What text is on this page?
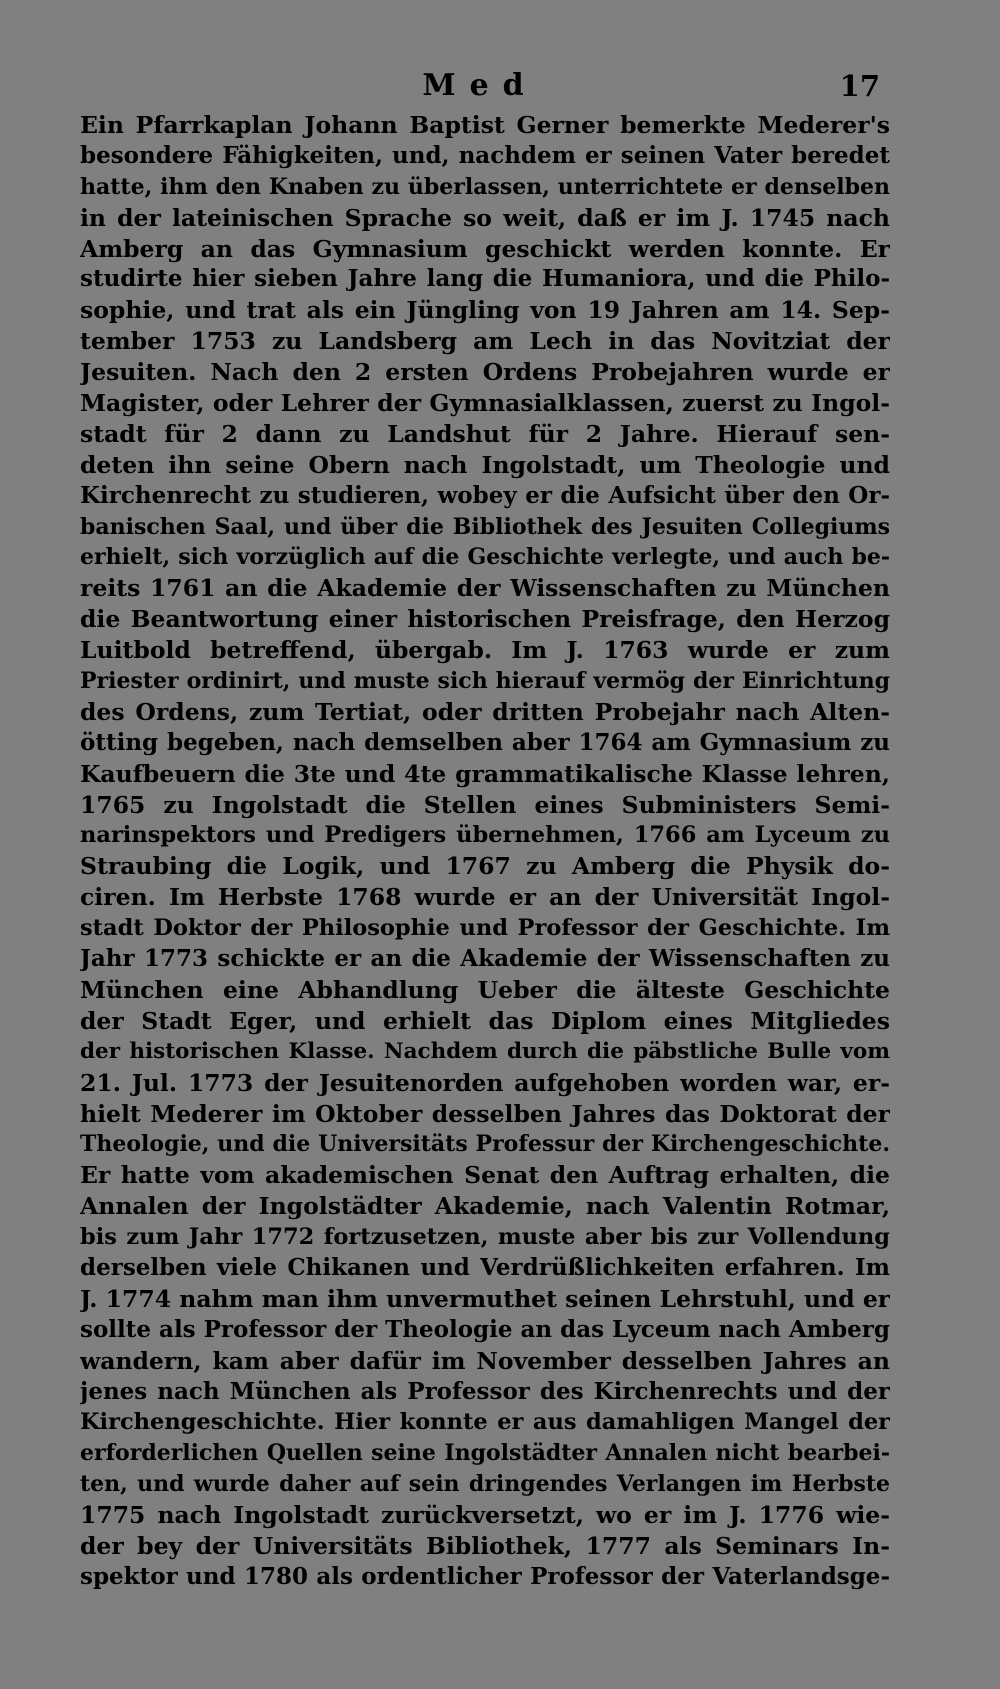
Med	17
Ein Pfarrkaplan Johann Baptist Gerner bemerkte Mederer's
besondere Fähigkeiten, und, nachdem er seinen Vater beredet
hatte, ihm den Knaben zu überlassen, unterrichtete er denselben
in der lateinischen Sprache so weit, daß er im J. 1745 nach
Amberg an das Gymnasium geschickt werden konnte. Er
studirte hier sieben Jahre lang die Humaniora, und die Philo-
sophie, und trat als ein Jüngling von 19 Jahren am 14. Sep-
tember 1753 zu Landsberg am Lech in das Novitziat der
Jesuiten. Nach den 2 ersten Ordens Probejahren wurde er
Magister, oder Lehrer der Gymnasialklassen, zuerst zu Ingol-
stadt für 2 dann zu Landshut für 2 Jahre. Hierauf sen-
deten ihn seine Obern nach Ingolstadt, um Theologie und
Kirchenrecht zu studieren, wobey er die Aufsicht über den Or-
banischen Saal, und über die Bibliothek des Jesuiten Collegiums
erhielt, sich vorzüglich auf die Geschichte verlegte, und auch be-
reits 1761 an die Akademie der Wissenschaften zu München
die Beantwortung einer historischen Preisfrage, den Herzog
Luitbold betreffend, übergab. Im J. 1763 wurde er zum
Priester ordinirt, und muste sich hierauf vermög der Einrichtung
des Ordens, zum Tertiat, oder dritten Probejahr nach Alten-
ötting begeben, nach demselben aber 1764 am Gymnasium zu
Kaufbeuern die 3te und 4te grammatikalische Klasse lehren,
1765 zu Ingolstadt die Stellen eines Subministers Semi-
narinspektors und Predigers übernehmen, 1766 am Lyceum zu
Straubing die Logik, und 1767 zu Amberg die Physik do-
ciren. Im Herbste 1768 wurde er an der Universität Ingol-
stadt Doktor der Philosophie und Professor der Geschichte. Im
Jahr 1773 schickte er an die Akademie der Wissenschaften zu
München eine Abhandlung Ueber die älteste Geschichte
der Stadt Eger, und erhielt das Diplom eines Mitgliedes
der historischen Klasse. Nachdem durch die päbstliche Bulle vom
21. Jul. 1773 der Jesuitenorden aufgehoben worden war, er-
hielt Mederer im Oktober desselben Jahres das Doktorat der
Theologie, und die Universitäts Professur der Kirchengeschichte.
Er hatte vom akademischen Senat den Auftrag erhalten, die
Annalen der Ingolstädter Akademie, nach Valentin Rotmar,
bis zum Jahr 1772 fortzusetzen, muste aber bis zur Vollendung
derselben viele Chikanen und Verdrüßlichkeiten erfahren. Im
J. 1774 nahm man ihm unvermuthet seinen Lehrstuhl, und er
sollte als Professor der Theologie an das Lyceum nach Amberg
wandern, kam aber dafür im November desselben Jahres an
jenes nach München als Professor des Kirchenrechts und der
Kirchengeschichte. Hier konnte er aus damahligen Mangel der
erforderlichen Quellen seine Ingolstädter Annalen nicht bearbei-
ten, und wurde daher auf sein dringendes Verlangen im Herbste
1775 nach Ingolstadt zurückversetzt, wo er im J. 1776 wie-
der bey der Universitäts Bibliothek, 1777 als Seminars In-
spektor und 1780 als ordentlicher Professor der Vaterlandsge-
